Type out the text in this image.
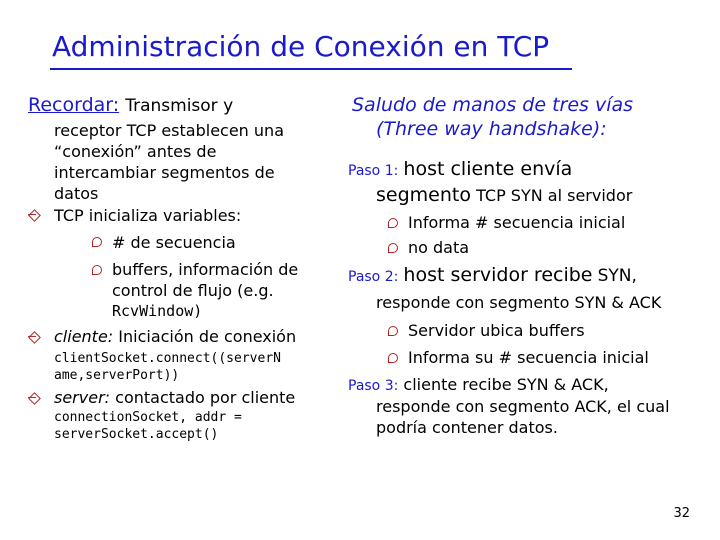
Administración de Conexión en TCP
Recordar: Transmisor y
receptor TCP establecen una
“conexión” antes de
intercambiar segmentos de
datos
TCP inicializa variables:
# de secuencia
buffers, información de
control de flujo (e.g.
RcvWindow)
cliente: Iniciación de conexión
clientSocket.connect((serverN
ame,serverPort))
server: contactado por cliente
connectionSocket, addr =
serverSocket.accept()
Saludo de manos de tres vías
(Three way handshake):
Paso 1: host cliente envía
segmento TCP SYN al servidor
Informa # secuencia inicial
no data
Paso 2: host servidor recibe SYN,
responde con segmento SYN & ACK
Servidor ubica buffers
Informa su # secuencia inicial
Paso 3: cliente recibe SYN & ACK,
responde con segmento ACK, el cual
podría contener datos.
32
